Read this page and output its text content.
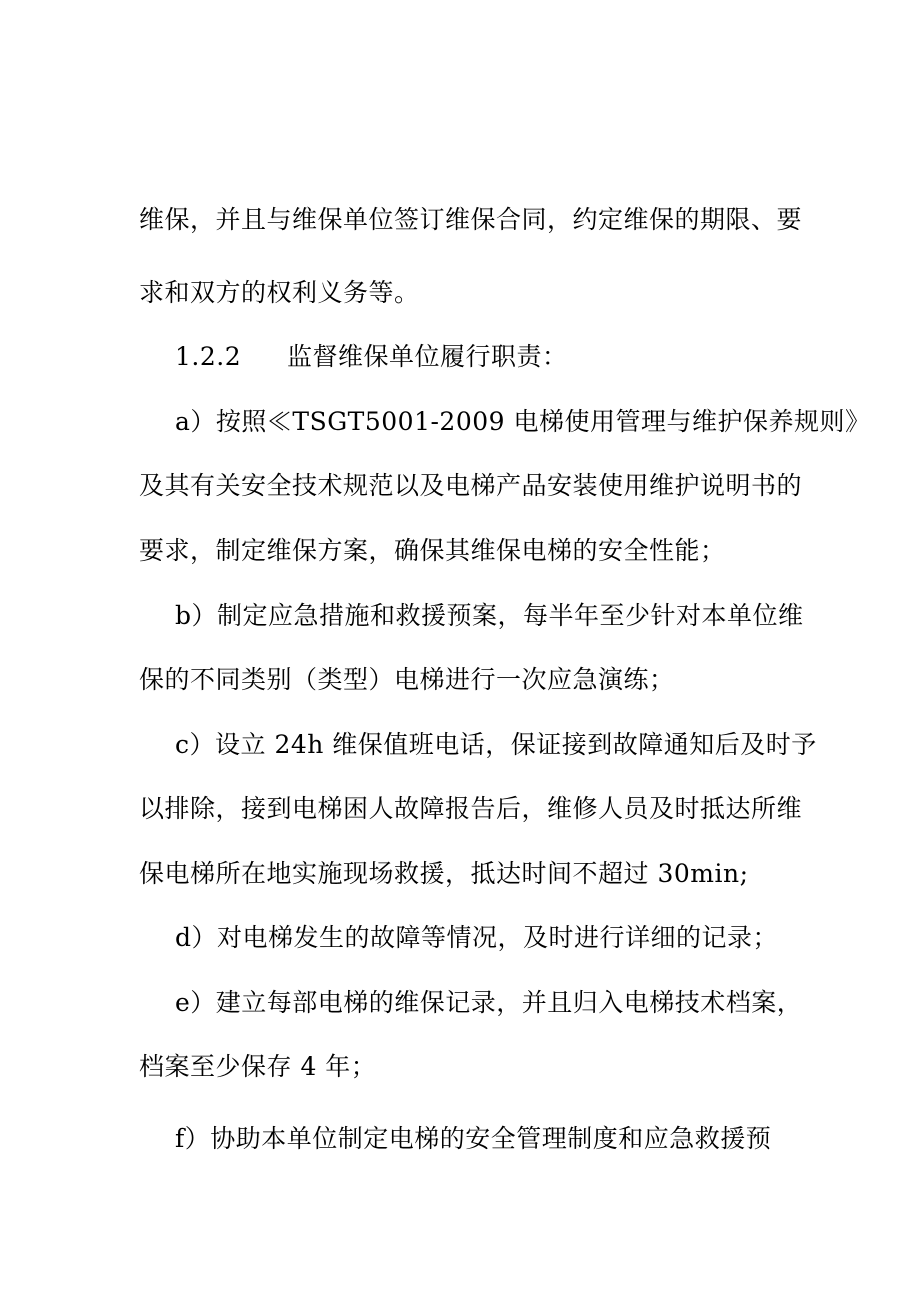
维保，并且与维保单位签订维保合同，约定维保的期限、要
求和双方的权利义务等。
1.2.2 监督维保单位履行职责：
a）按照≪TSGT5001-2009 电梯使用管理与维护保养规则》
及其有关安全技术规范以及电梯产品安装使用维护说明书的
要求，制定维保方案，确保其维保电梯的安全性能；
b）制定应急措施和救援预案，每半年至少针对本单位维
保的不同类别（类型）电梯进行一次应急演练；
c）设立 24h 维保值班电话，保证接到故障通知后及时予
以排除，接到电梯困人故障报告后，维修人员及时抵达所维
保电梯所在地实施现场救援，抵达时间不超过 30min;
d）对电梯发生的故障等情况，及时进行详细的记录；
e）建立每部电梯的维保记录，并且归入电梯技术档案，
档案至少保存 4 年；
f）协助本单位制定电梯的安全管理制度和应急救援预
